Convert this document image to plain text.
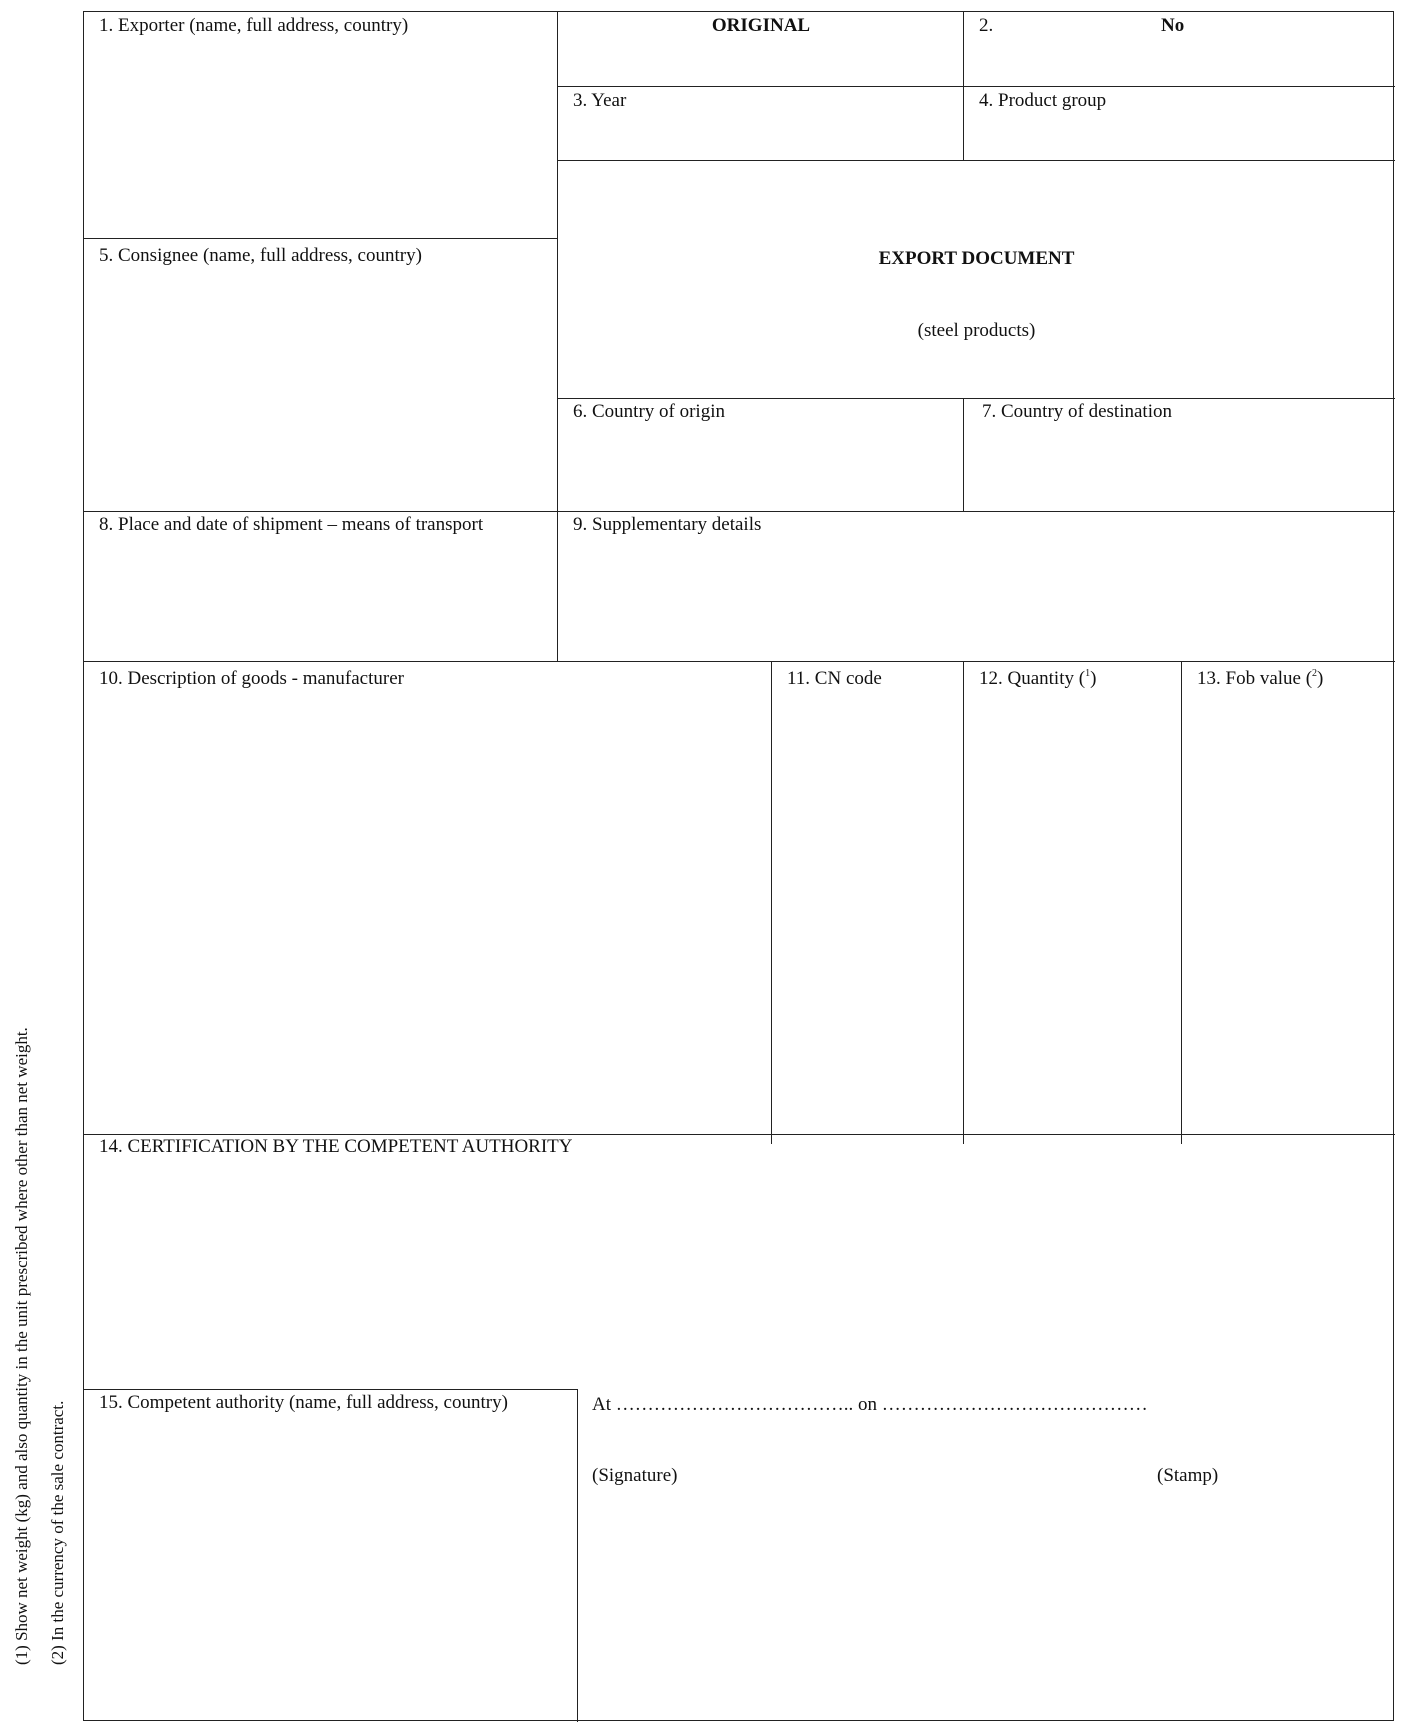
(1) Show net weight (kg) and also quantity in the unit prescribed where other than net weight. (2) In the currency of the sale contract.
1. Exporter (name, full address, country)	ORIGINAL	2.	No
3. Year	4. Product group
5. Consignee (name, full address, country)	EXPORT DOCUMENT
(steel products)
6. Country of origin	7. Country of destination
8. Place and date of shipment – means of transport	9. Supplementary details
10. Description of goods - manufacturer	11. CN code	12. Quantity ($^1$)	13. Fob value ($^2$)
14. CERTIFICATION BY THE COMPETENT AUTHORITY
15. Competent authority (name, full address, country)	At ……………………………….. on ……………………………………
(Signature)	(Stamp)
